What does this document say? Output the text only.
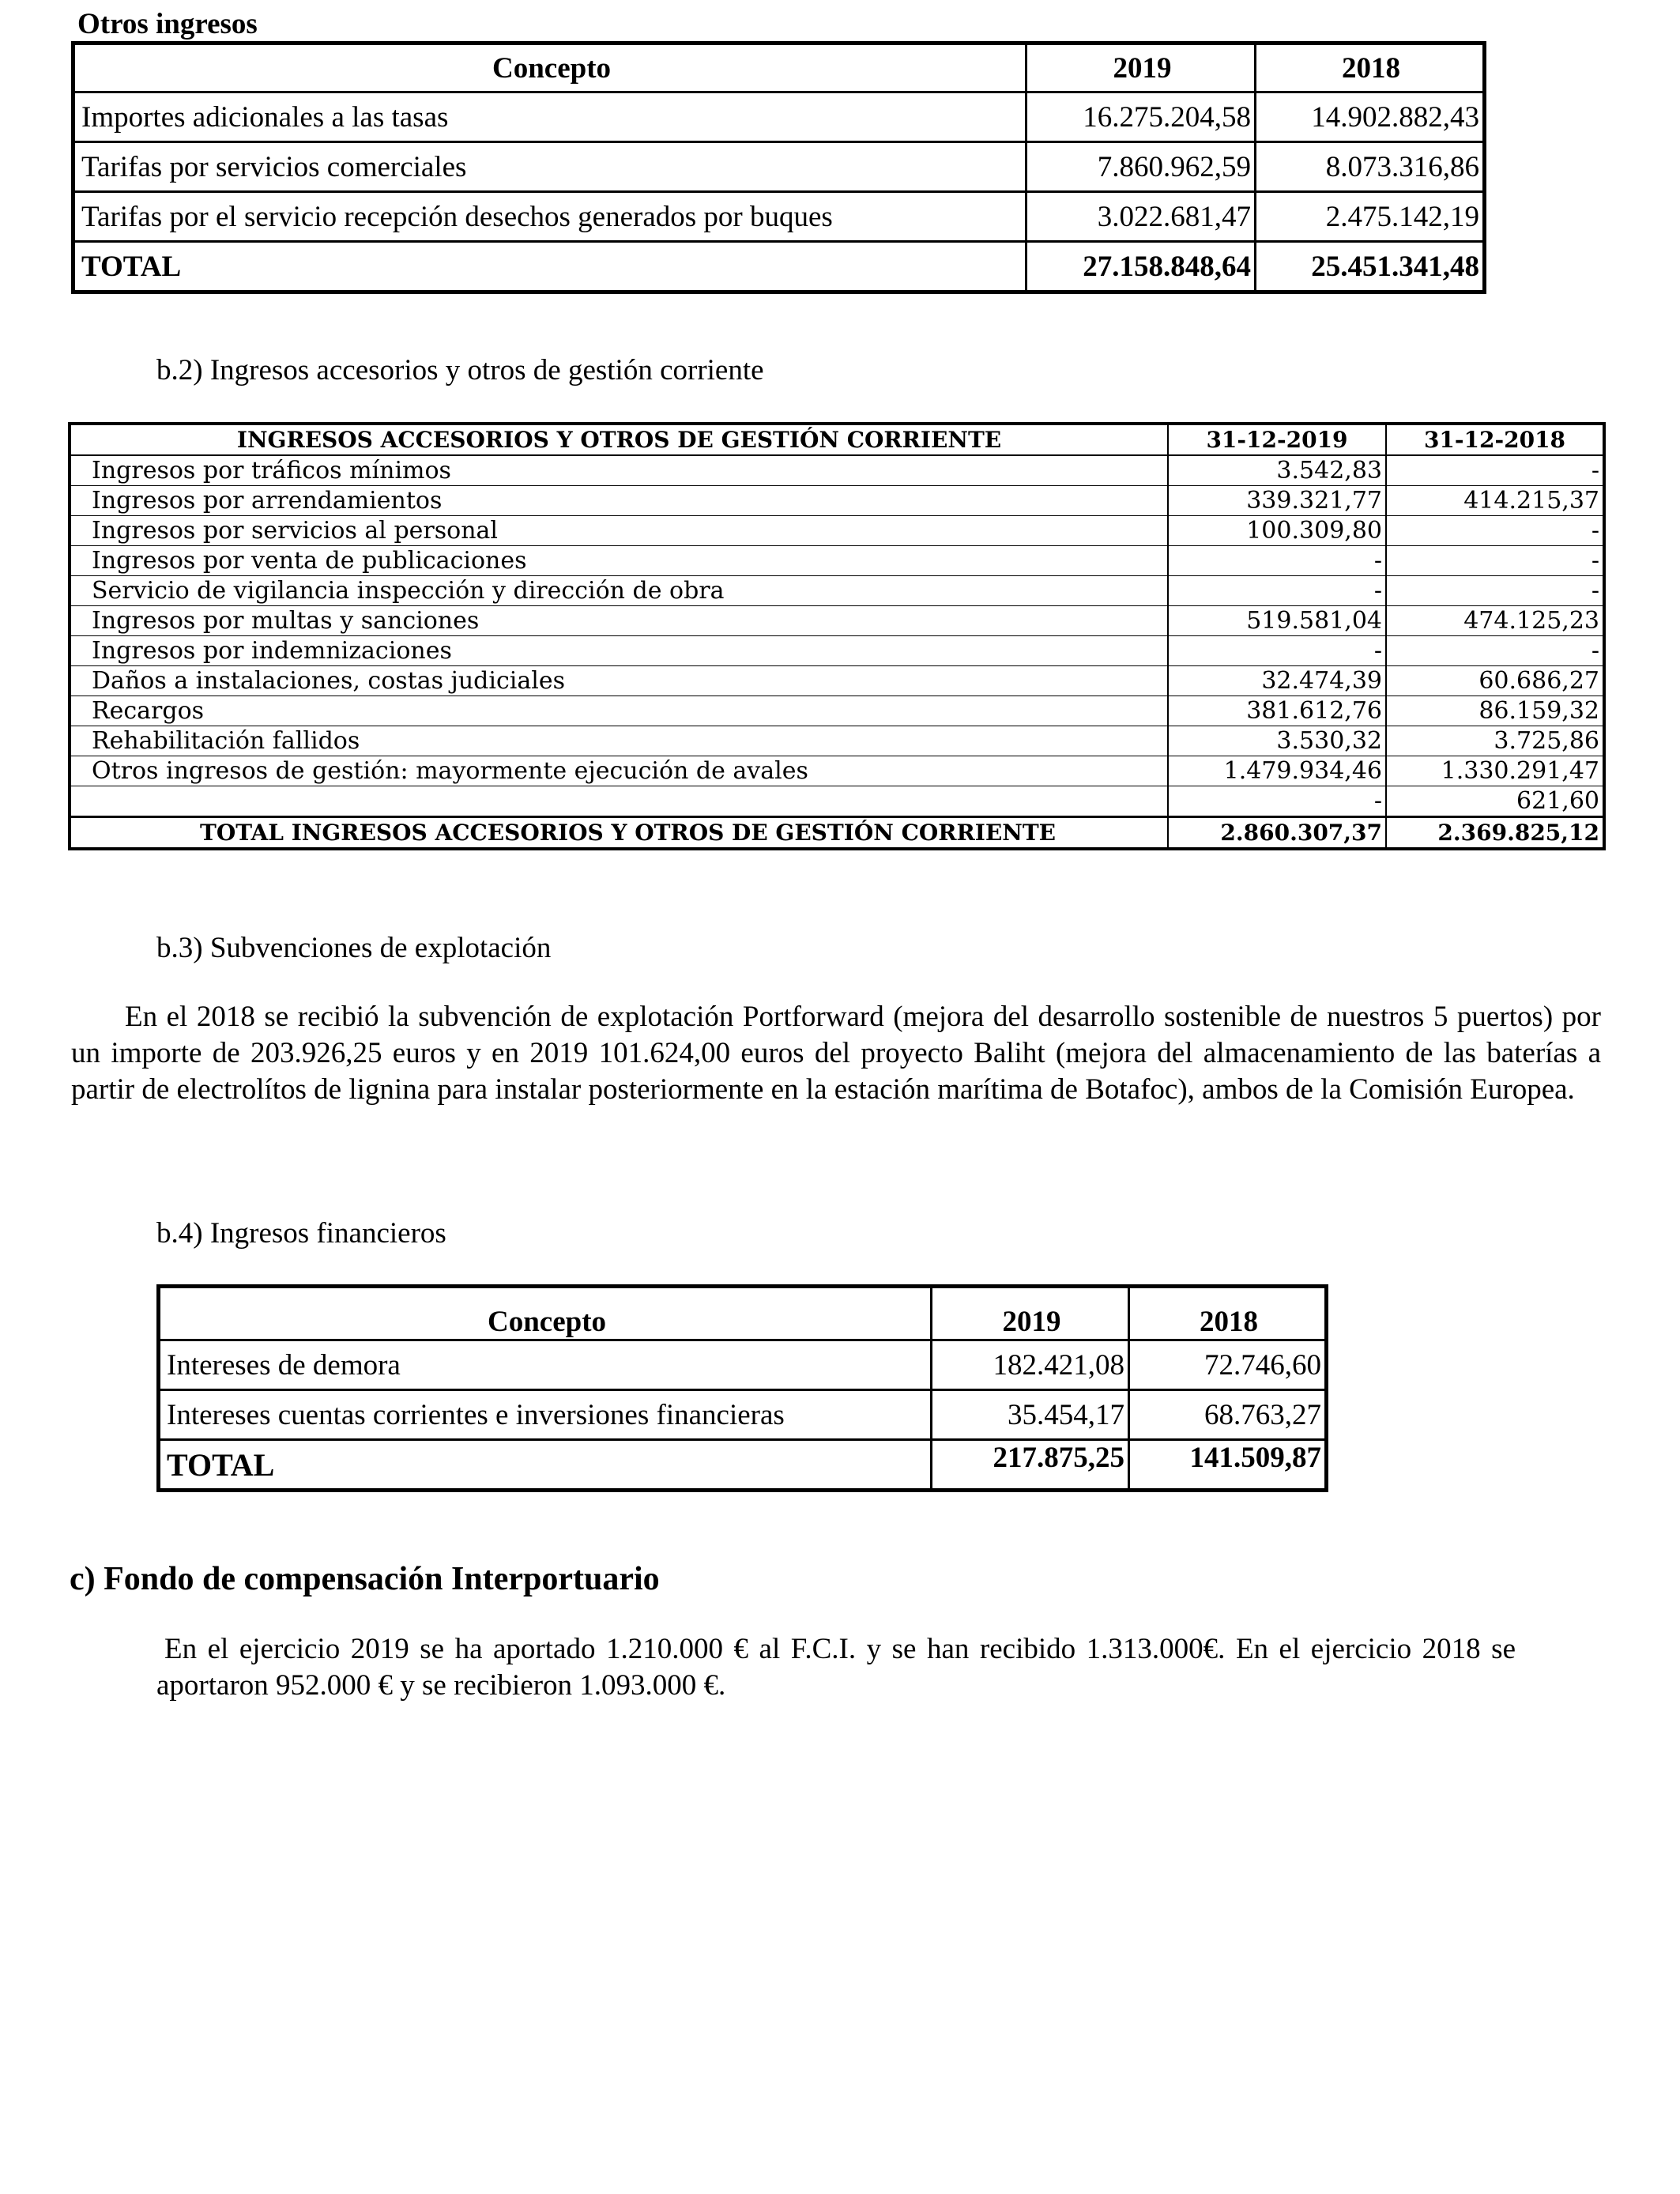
Otros ingresos
Concepto	2019	2018
Importes adicionales a las tasas	16.275.204,58	14.902.882,43
Tarifas por servicios comerciales	7.860.962,59	8.073.316,86
Tarifas por el servicio recepción desechos generados por buques	3.022.681,47	2.475.142,19
TOTAL	27.158.848,64	25.451.341,48
b.2) Ingresos accesorios y otros de gestión corriente
INGRESOS ACCESORIOS Y OTROS DE GESTIÓN CORRIENTE	31-12-2019	31-12-2018
Ingresos por tráficos mínimos	3.542,83	-
Ingresos por arrendamientos	339.321,77	414.215,37
Ingresos por servicios al personal	100.309,80	-
Ingresos por venta de publicaciones	-	-
Servicio de vigilancia inspección y dirección de obra	-	-
Ingresos por multas y sanciones	519.581,04	474.125,23
Ingresos por indemnizaciones	-	-
Daños a instalaciones, costas judiciales	32.474,39	60.686,27
Recargos	381.612,76	86.159,32
Rehabilitación fallidos	3.530,32	3.725,86
Otros ingresos de gestión: mayormente ejecución de avales	1.479.934,46	1.330.291,47
	-	621,60
TOTAL INGRESOS ACCESORIOS Y OTROS DE GESTIÓN CORRIENTE	2.860.307,37	2.369.825,12
b.3) Subvenciones de explotación
En el 2018 se recibió la subvención de explotación Portforward (mejora del desarrollo sostenible de nuestros 5 puertos) por un importe de 203.926,25 euros y en 2019 101.624,00 euros del proyecto Baliht (mejora del almacenamiento de las baterías a partir de electrolítos de lignina para instalar posteriormente en la estación marítima de Botafoc), ambos de la Comisión Europea.
b.4) Ingresos financieros
Concepto	2019	2018
Intereses de demora	182.421,08	72.746,60
Intereses cuentas corrientes e inversiones financieras	35.454,17	68.763,27
TOTAL	217.875,25	141.509,87
c) Fondo de compensación Interportuario
En el ejercicio 2019 se ha aportado 1.210.000 € al F.C.I. y se han recibido 1.313.000€. En el ejercicio 2018 se aportaron 952.000 € y se recibieron 1.093.000 €.
